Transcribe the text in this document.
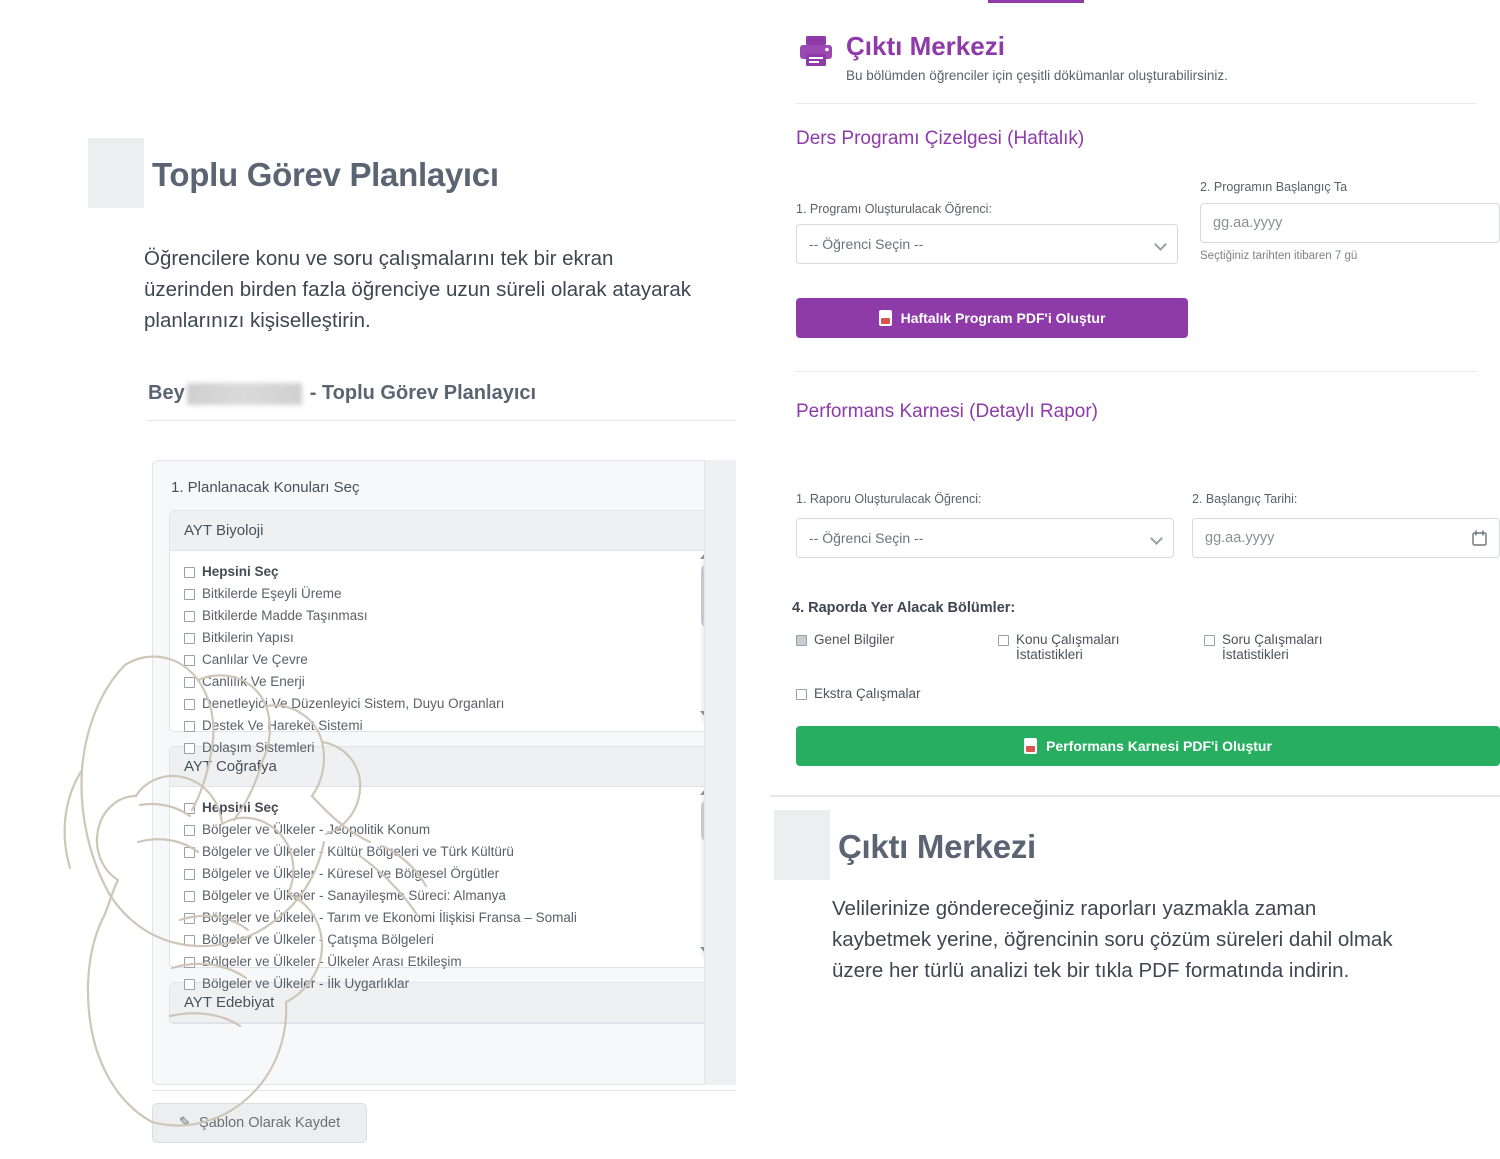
Toplu Görev Planlayıcı
Öğrencilere konu ve soru çalışmalarını tek bir ekran üzerinden birden fazla öğrenciye uzun süreli olarak atayarak planlarınızı kişiselleştirin.
Bey	- Toplu Görev Planlayıcı
1. Planlanacak Konuları Seç
AYT Biyoloji
Hepsini Seç
Bitkilerde Eşeyli Üreme
Bitkilerde Madde Taşınması
Bitkilerin Yapısı
Canlılar Ve Çevre
Canlılık Ve Enerji
Denetleyici Ve Düzenleyici Sistem, Duyu Organları
Destek Ve Hareket Sistemi
Dolaşım Sistemleri
AYT Coğrafya
Hepsini Seç
Bölgeler ve Ülkeler - Jeopolitik Konum
Bölgeler ve Ülkeler - Kültür Bölgeleri ve Türk Kültürü
Bölgeler ve Ülkeler - Küresel ve Bölgesel Örgütler
Bölgeler ve Ülkeler - Sanayileşme Süreci: Almanya
Bölgeler ve Ülkeler - Tarım ve Ekonomi İlişkisi Fransa – Somali
Bölgeler ve Ülkeler - Çatışma Bölgeleri
Bölgeler ve Ülkeler - Ülkeler Arası Etkileşim
Bölgeler ve Ülkeler - İlk Uygarlıklar
AYT Edebiyat
✎ Şablon Olarak Kaydet
Çıktı Merkezi
Bu bölümden öğrenciler için çeşitli dökümanlar oluşturabilirsiniz.
Ders Programı Çizelgesi (Haftalık)
1. Programı Oluşturulacak Öğrenci:
-- Öğrenci Seçin --
2. Programın Başlangıç Ta
gg.aa.yyyy
Seçtiğiniz tarihten itibaren 7 gü
Haftalık Program PDF'i Oluştur
Performans Karnesi (Detaylı Rapor)
1. Raporu Oluşturulacak Öğrenci:
-- Öğrenci Seçin --
2. Başlangıç Tarihi:
gg.aa.yyyy
4. Raporda Yer Alacak Bölümler:
Genel Bilgiler	Konu Çalışmaları İstatistikleri
Soru Çalışmaları İstatistikleri
Ekstra Çalışmalar
Performans Karnesi PDF'i Oluştur
Çıktı Merkezi
Velilerinize göndereceğiniz raporları yazmakla zaman kaybetmek yerine, öğrencinin soru çözüm süreleri dahil olmak üzere her türlü analizi tek bir tıkla PDF formatında indirin.
